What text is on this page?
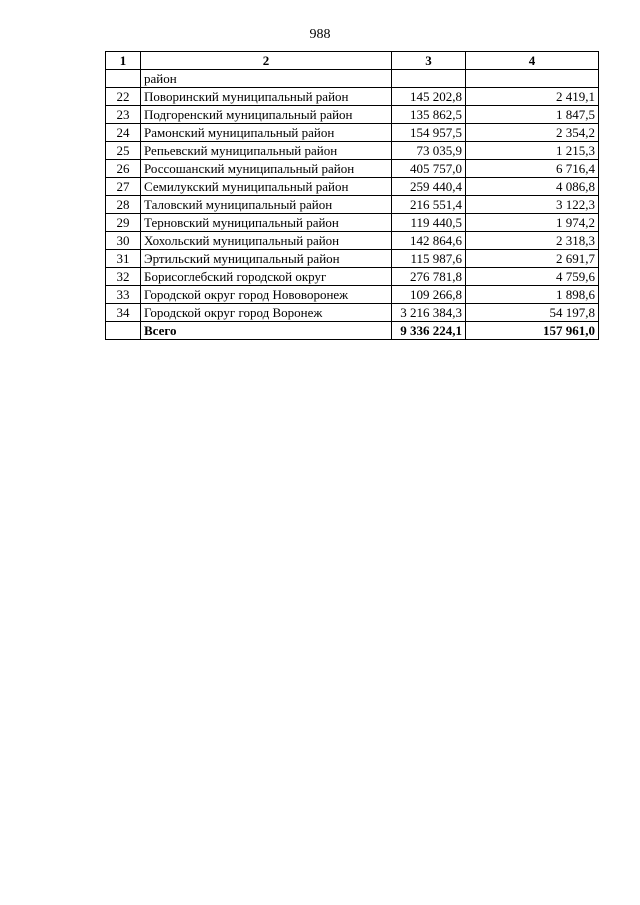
988
1	2	3	4
	район		
22	Поворинский муниципальный район	145 202,8	2 419,1
23	Подгоренский муниципальный район	135 862,5	1 847,5
24	Рамонский муниципальный район	154 957,5	2 354,2
25	Репьевский муниципальный район	73 035,9	1 215,3
26	Россошанский муниципальный район	405 757,0	6 716,4
27	Семилукский муниципальный район	259 440,4	4 086,8
28	Таловский муниципальный район	216 551,4	3 122,3
29	Терновский муниципальный район	119 440,5	1 974,2
30	Хохольский муниципальный район	142 864,6	2 318,3
31	Эртильский муниципальный район	115 987,6	2 691,7
32	Борисоглебский городской округ	276 781,8	4 759,6
33	Городской округ город Нововоронеж	109 266,8	1 898,6
34	Городской округ город Воронеж	3 216 384,3	54 197,8
	Всего	9 336 224,1	157 961,0
